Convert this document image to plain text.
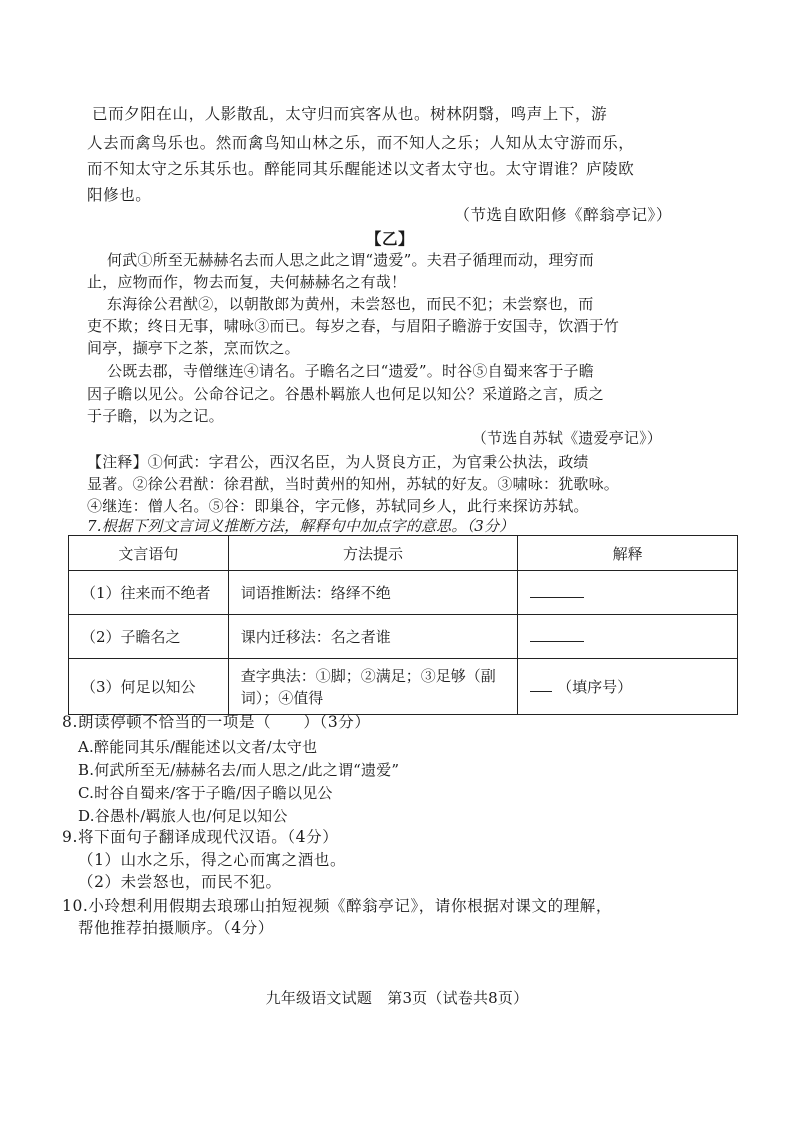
已而夕阳在山，人影散乱，太守归而宾客从也。树林阴翳，鸣声上下，游
人去而禽鸟乐也。然而禽鸟知山林之乐，而不知人之乐；人知从太守游而乐，
而不知太守之乐其乐也。醉能同其乐醒能述以文者太守也。太守谓谁？庐陵欧
阳修也。
（节选自欧阳修《醉翁亭记》）
【乙】
何武①所至无赫赫名去而人思之此之谓“遗爱”。夫君子循理而动，理穷而
止，应物而作，物去而复，夫何赫赫名之有哉！
东海徐公君猷②，以朝散郎为黄州，未尝怒也，而民不犯；未尝察也，而
吏不欺；终日无事，啸咏③而已。每岁之春，与眉阳子瞻游于安国寺，饮酒于竹
间亭，撷亭下之茶，烹而饮之。
公既去郡，寺僧继连④请名。子瞻名之曰“遗爱”。时谷⑤自蜀来客于子瞻
因子瞻以见公。公命谷记之。谷愚朴羁旅人也何足以知公？采道路之言，质之
于子瞻，以为之记。
（节选自苏轼《遗爱亭记》）
【注释】①何武：字君公，西汉名臣，为人贤良方正，为官秉公执法，政绩
显著。②徐公君猷：徐君猷，当时黄州的知州，苏轼的好友。③啸咏：犹歌咏。
④继连：僧人名。⑤谷：即巢谷，字元修，苏轼同乡人，此行来探访苏轼。
7.根据下列文言词义推断方法，解释句中加点字的意思。（3分）
文言语句	方法提示	解释
（1）往来而不绝者	词语推断法：络绎不绝	
（2）子瞻名之	课内迁移法：名之者谁	
（3）何足以知公	查字典法：①脚；②满足；③足够（副
词）；④值得	（填序号）
8.朗读停顿不恰当的一项是（　　）（3分）
A.醉能同其乐/醒能述以文者/太守也
B.何武所至无/赫赫名去/而人思之/此之谓“遗爱”
C.时谷自蜀来/客于子瞻/因子瞻以见公
D.谷愚朴/羁旅人也/何足以知公
9.将下面句子翻译成现代汉语。（4分）
（1）山水之乐，得之心而寓之酒也。
（2）未尝怒也，而民不犯。
10.小玲想利用假期去琅琊山拍短视频《醉翁亭记》，请你根据对课文的理解，
帮他推荐拍摄顺序。（4分）
九年级语文试题　第3页（试卷共8页）
